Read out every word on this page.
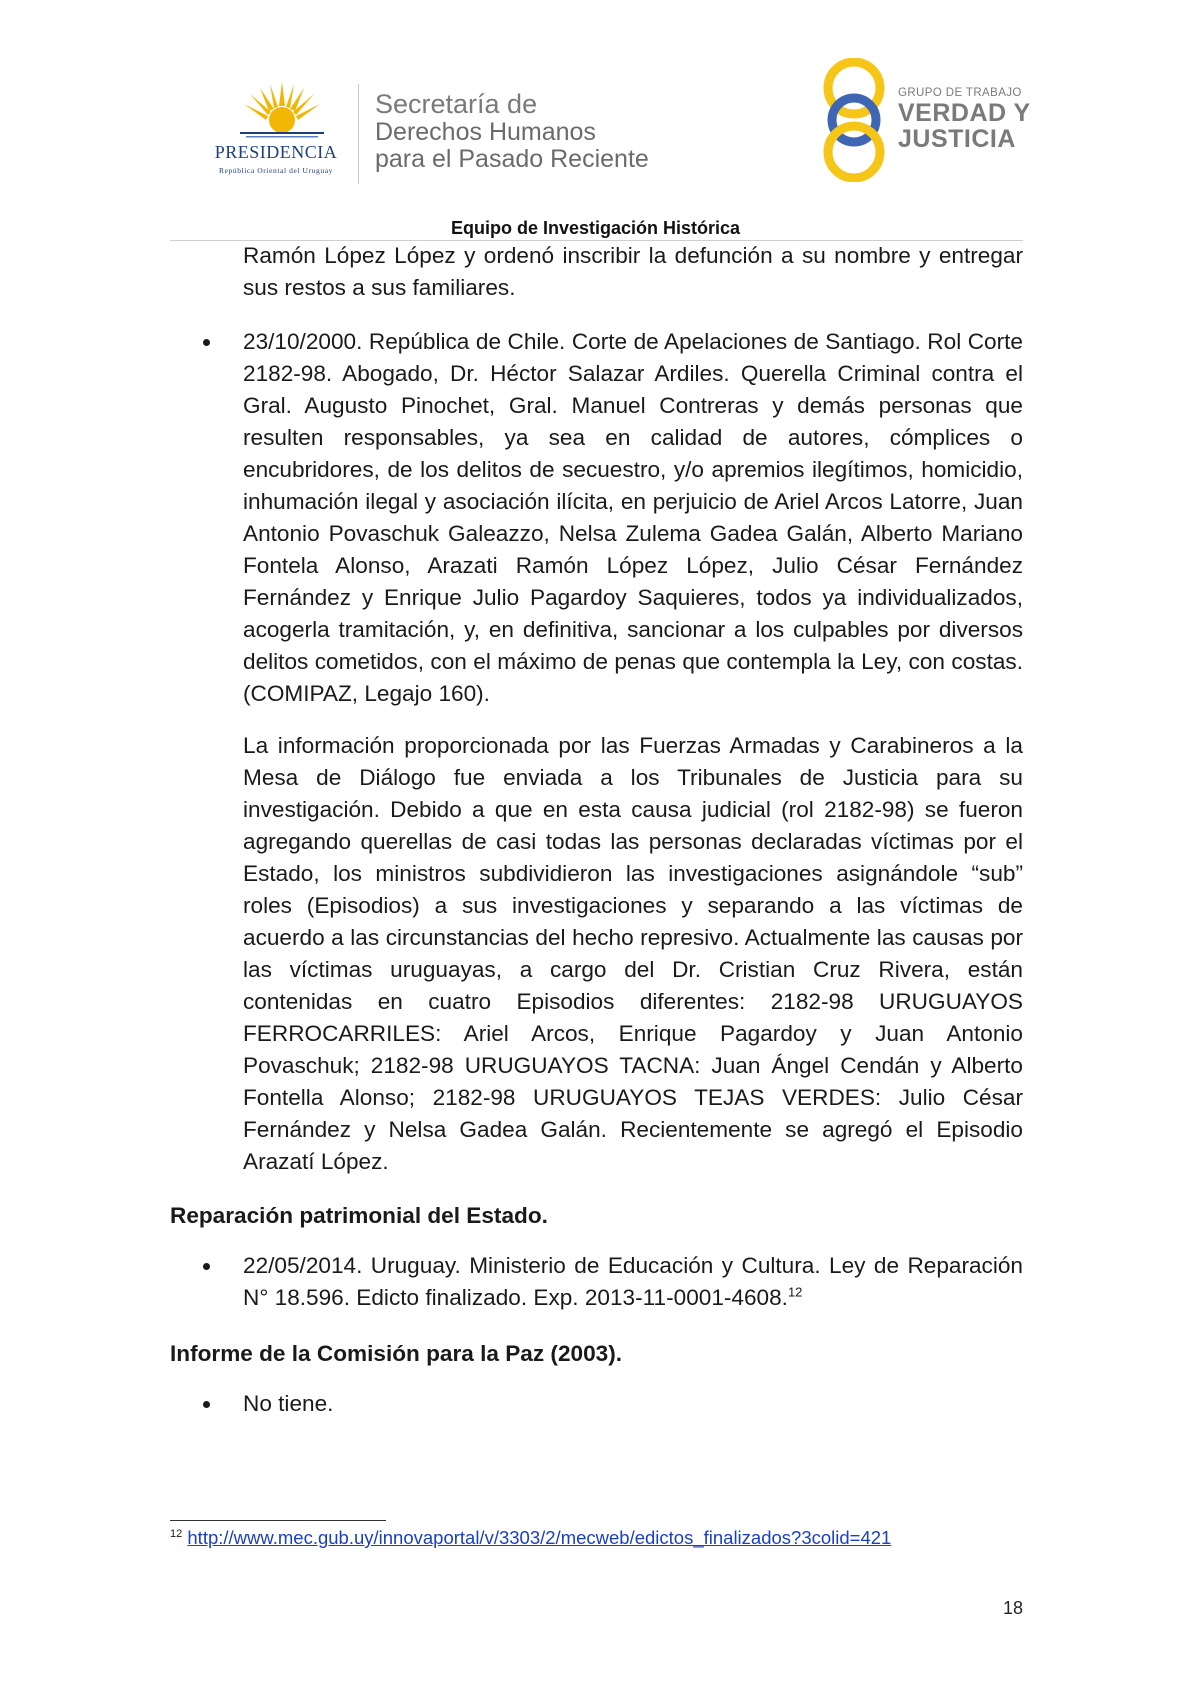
PRESIDENCIA
República Oriental del Uruguay
Secretaría de
Derechos Humanos
para el Pasado Reciente
GRUPO DE TRABAJO
VERDAD Y
JUSTICIA
Equipo de Investigación Histórica

Ramón López López y ordenó inscribir la defunción a su nombre y entregar sus restos a sus familiares.

23/10/2000. República de Chile. Corte de Apelaciones de Santiago. Rol Corte 2182-98. Abogado, Dr. Héctor Salazar Ardiles. Querella Criminal contra el Gral. Augusto Pinochet, Gral. Manuel Contreras y demás personas que resulten responsables, ya sea en calidad de autores, cómplices o encubridores, de los delitos de secuestro, y/o apremios ilegítimos, homicidio, inhumación ilegal y asociación ilícita, en perjuicio de Ariel Arcos Latorre, Juan Antonio Povaschuk Galeazzo, Nelsa Zulema Gadea Galán, Alberto Mariano Fontela Alonso, Arazati Ramón López López, Julio César Fernández Fernández y Enrique Julio Pagardoy Saquieres, todos ya individualizados, acogerla tramitación, y, en definitiva, sancionar a los culpables por diversos delitos cometidos, con el máximo de penas que contempla la Ley, con costas. (COMIPAZ, Legajo 160).

La información proporcionada por las Fuerzas Armadas y Carabineros a la Mesa de Diálogo fue enviada a los Tribunales de Justicia para su investigación. Debido a que en esta causa judicial (rol 2182-98) se fueron agregando querellas de casi todas las personas declaradas víctimas por el Estado, los ministros subdividieron las investigaciones asignándole “sub” roles (Episodios) a sus investigaciones y separando a las víctimas de acuerdo a las circunstancias del hecho represivo. Actualmente las causas por las víctimas uruguayas, a cargo del Dr. Cristian Cruz Rivera, están contenidas en cuatro Episodios diferentes: 2182-98 URUGUAYOS FERROCARRILES: Ariel Arcos, Enrique Pagardoy y Juan Antonio Povaschuk; 2182-98 URUGUAYOS TACNA: Juan Ángel Cendán y Alberto Fontella Alonso; 2182-98 URUGUAYOS TEJAS VERDES: Julio César Fernández y Nelsa Gadea Galán. Recientemente se agregó el Episodio Arazatí López.

Reparación patrimonial del Estado.

22/05/2014. Uruguay. Ministerio de Educación y Cultura. Ley de Reparación N° 18.596. Edicto finalizado. Exp. 2013-11-0001-4608.12

Informe de la Comisión para la Paz (2003).

No tiene.

$^{12}$ http://www.mec.gub.uy/innovaportal/v/3303/2/mecweb/edictos_finalizados?3colid=421
18
